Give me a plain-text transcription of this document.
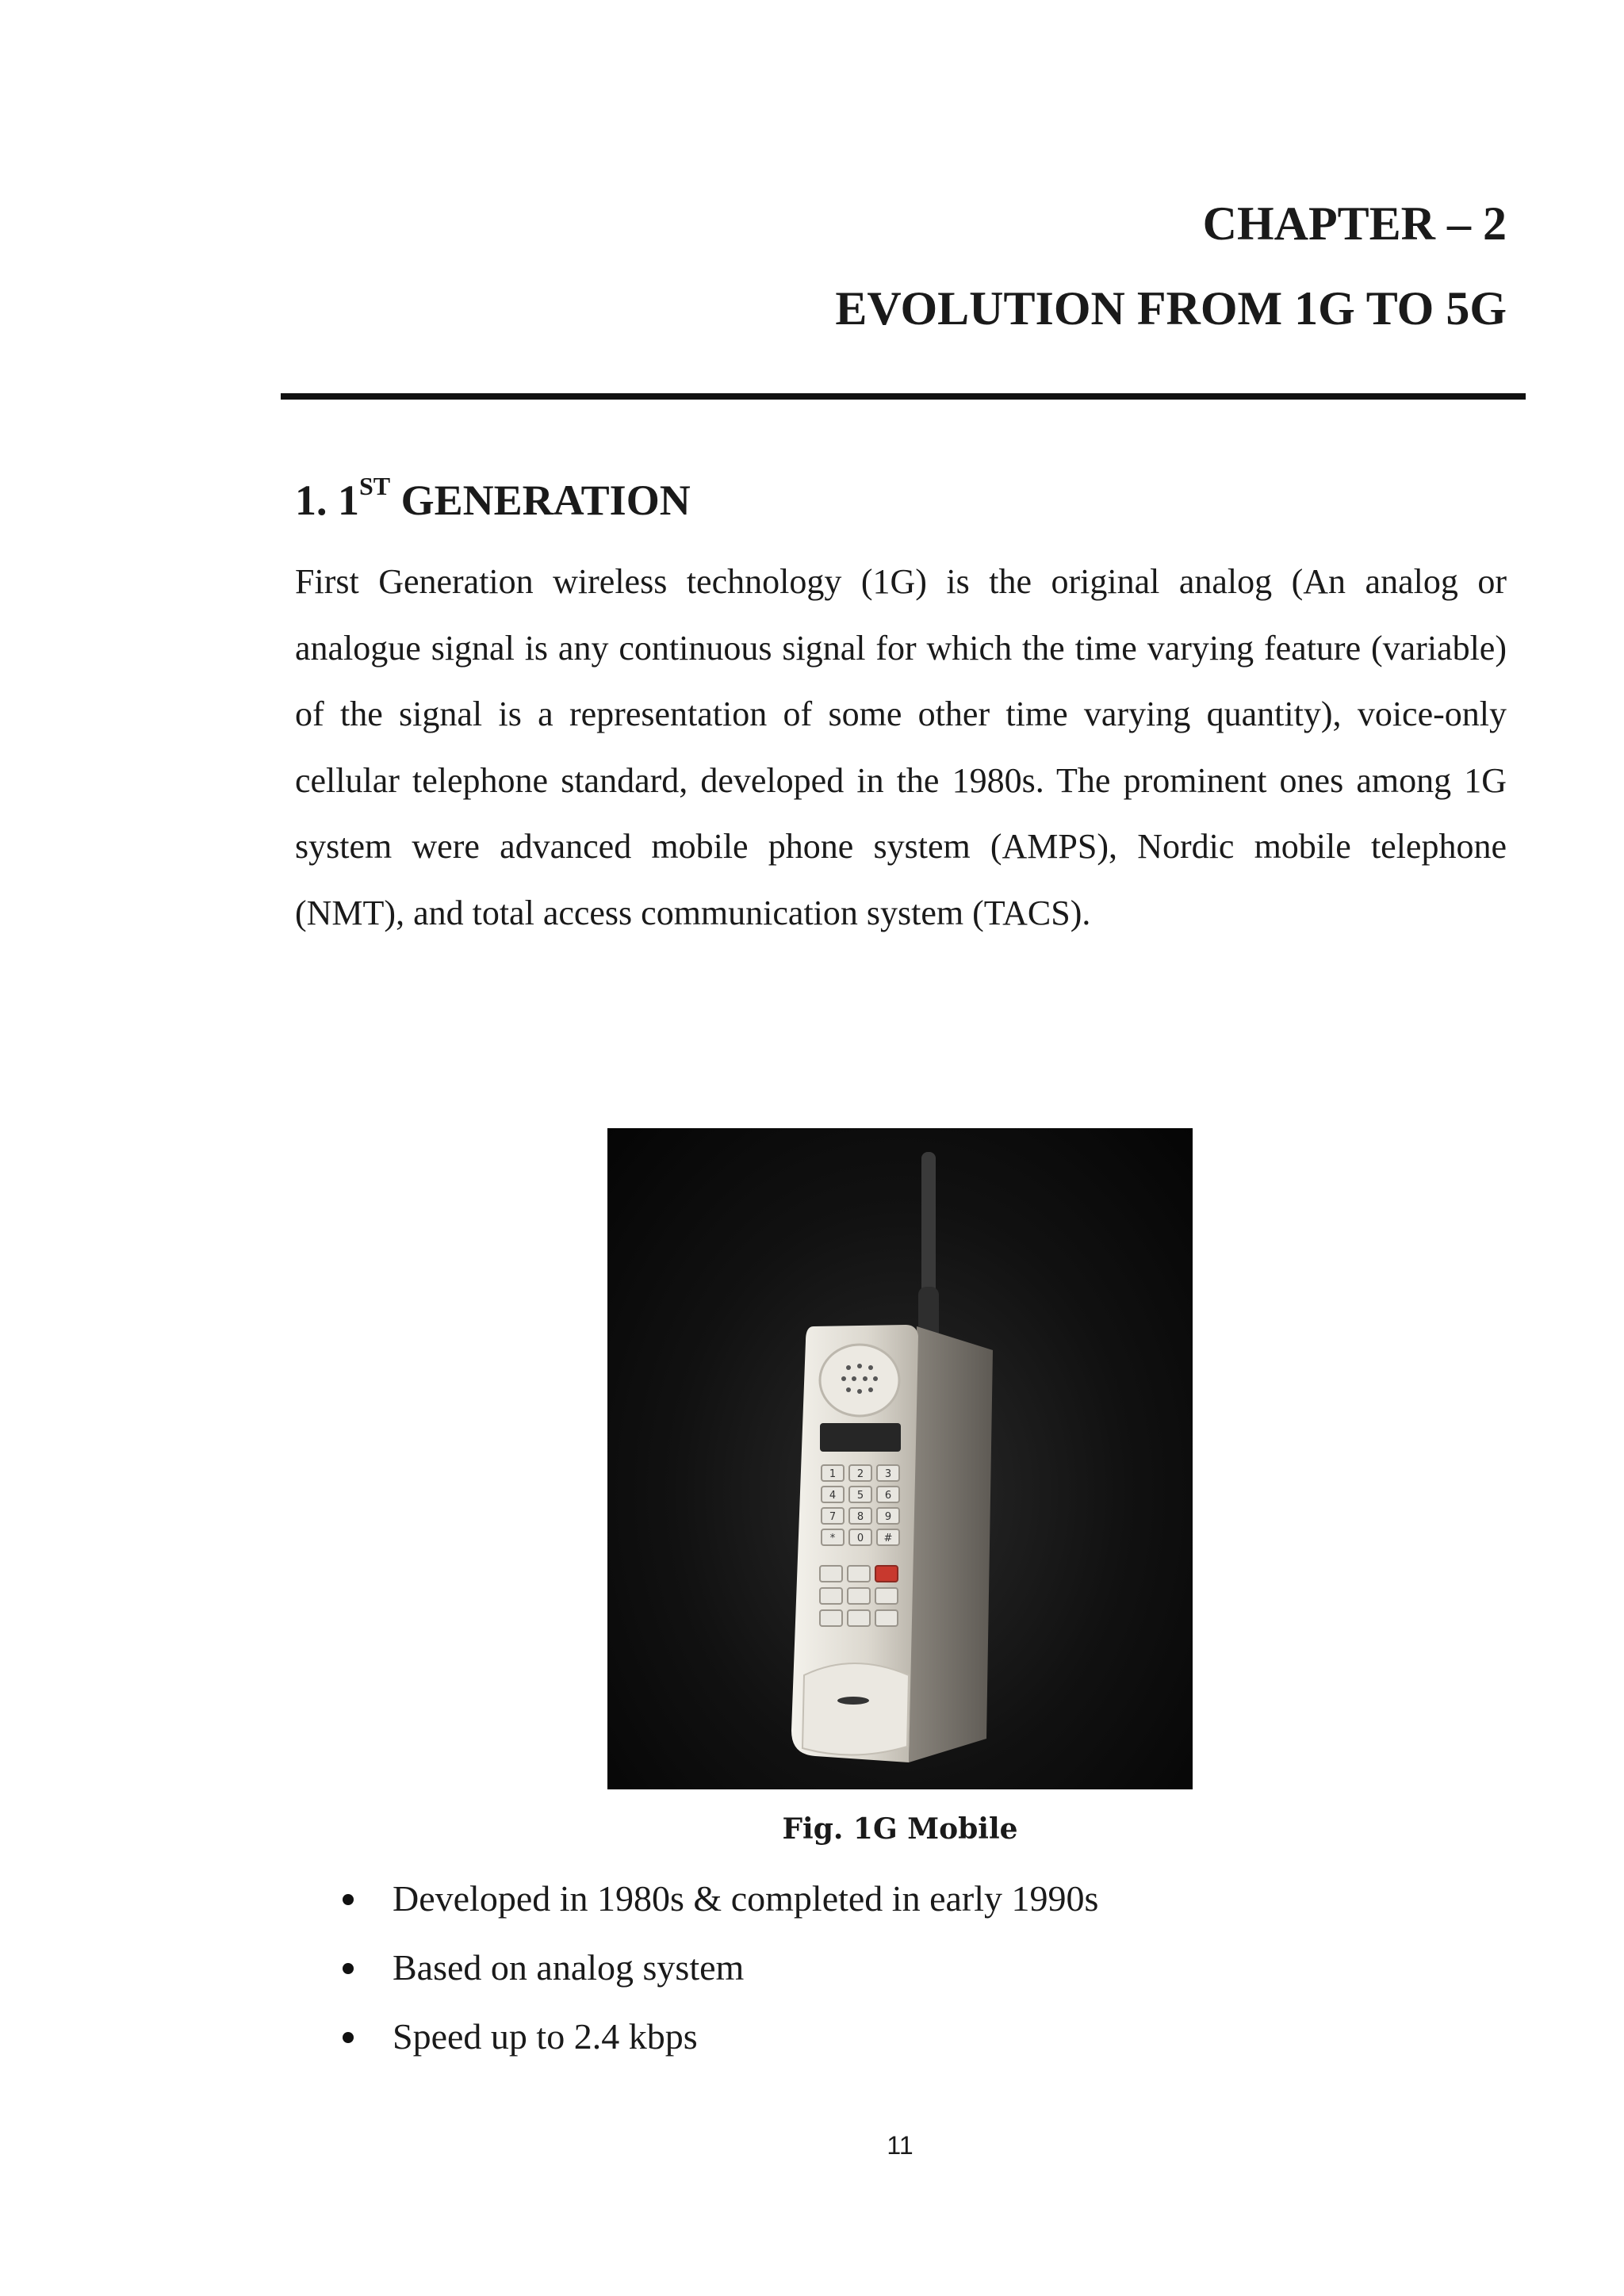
CHAPTER – 2
EVOLUTION FROM 1G TO 5G
1. 1ST GENERATION

First Generation wireless technology (1G) is the original analog (An analog or analogue signal is any continuous signal for which the time varying feature (variable) of the signal is a representation of some other time varying quantity), voice-only cellular telephone standard, developed in the 1980s. The prominent ones among 1G system were advanced mobile phone system (AMPS), Nordic mobile telephone (NMT), and total access communication system (TACS).

1 2 3
4 5 6
7 8 9
* 0 #
Fig. 1G Mobile
Developed in 1980s & completed in early 1990s
Based on analog system
Speed up to 2.4 kbps
11
